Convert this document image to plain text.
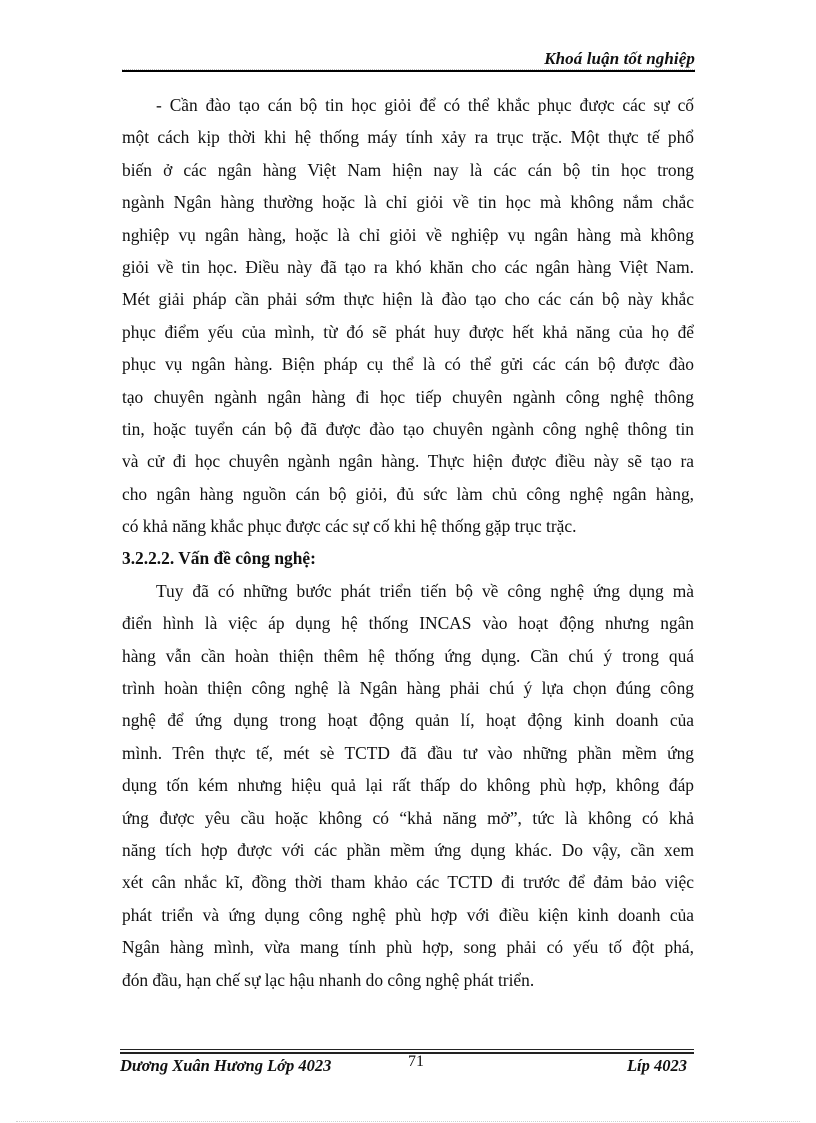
Khoá luận tốt nghiệp
- Cần đào tạo cán bộ tin học giỏi để có thể khắc phục được các sự cố
một cách kịp thời khi hệ thống máy tính xảy ra trục trặc. Một thực tế phổ
biến ở các ngân hàng Việt Nam hiện nay là các cán bộ tin học trong
ngành Ngân hàng thường hoặc là chỉ giỏi về tin học mà không nắm chắc
nghiệp vụ ngân hàng, hoặc là chỉ giỏi về nghiệp vụ ngân hàng mà không
giỏi về tin học. Điều này đã tạo ra khó khăn cho các ngân hàng Việt Nam.
Mét giải pháp cần phải sớm thực hiện là đào tạo cho các cán bộ này khắc
phục điểm yếu của mình, từ đó sẽ phát huy được hết khả năng của họ để
phục vụ ngân hàng. Biện pháp cụ thể là có thể gửi các cán bộ được đào
tạo chuyên ngành ngân hàng đi học tiếp chuyên ngành công nghệ thông
tin, hoặc tuyển cán bộ đã được đào tạo chuyên ngành công nghệ thông tin
và cử đi học chuyên ngành ngân hàng. Thực hiện được điều này sẽ tạo ra
cho ngân hàng nguồn cán bộ giỏi, đủ sức làm chủ công nghệ ngân hàng,
có khả năng khắc phục được các sự cố khi hệ thống gặp trục trặc.
3.2.2.2. Vấn đề công nghệ:
Tuy đã có những bước phát triển tiến bộ về công nghệ ứng dụng mà
điển hình là việc áp dụng hệ thống INCAS vào hoạt động nhưng ngân
hàng vẫn cần hoàn thiện thêm hệ thống ứng dụng. Cần chú ý trong quá
trình hoàn thiện công nghệ là Ngân hàng phải chú ý lựa chọn đúng công
nghệ để ứng dụng trong hoạt động quản lí, hoạt động kinh doanh của
mình. Trên thực tế, mét sè TCTD đã đầu tư vào những phần mềm ứng
dụng tốn kém nhưng hiệu quả lại rất thấp do không phù hợp, không đáp
ứng được yêu cầu hoặc không có “khả năng mở”, tức là không có khả
năng tích hợp được với các phần mềm ứng dụng khác. Do vậy, cần xem
xét cân nhắc kĩ, đồng thời tham khảo các TCTD đi trước để đảm bảo việc
phát triển và ứng dụng công nghệ phù hợp với điều kiện kinh doanh của
Ngân hàng mình, vừa mang tính phù hợp, song phải có yếu tố đột phá,
đón đầu, hạn chế sự lạc hậu nhanh do công nghệ phát triển.
Dương Xuân Hương Lớp 4023	71	Líp 4023
